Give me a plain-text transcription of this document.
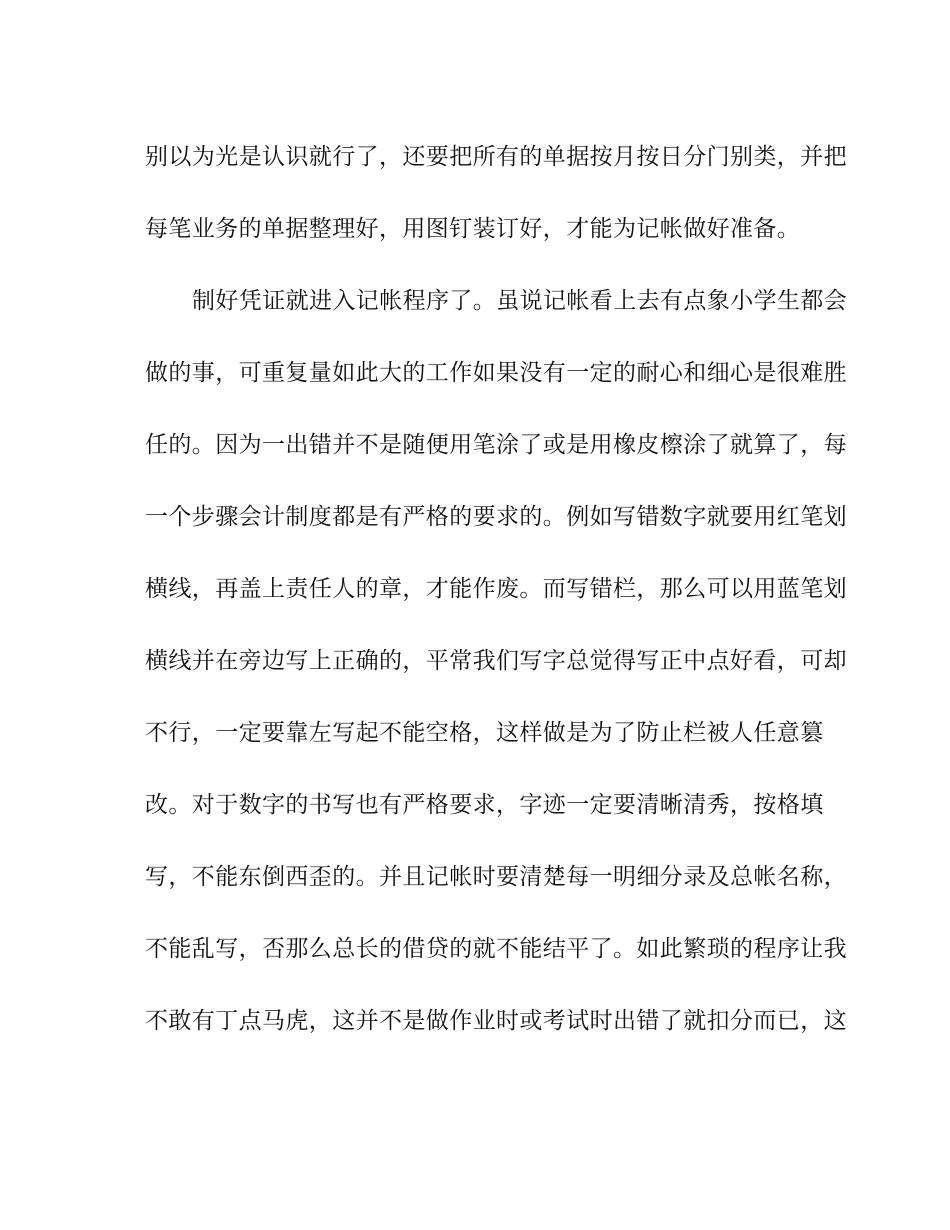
别以为光是认识就行了，还要把所有的单据按月按日分门别类，并把
每笔业务的单据整理好，用图钉装订好，才能为记帐做好准备。
制好凭证就进入记帐程序了。虽说记帐看上去有点象小学生都会
做的事，可重复量如此大的工作如果没有一定的耐心和细心是很难胜
任的。因为一出错并不是随便用笔涂了或是用橡皮檫涂了就算了，每
一个步骤会计制度都是有严格的要求的。例如写错数字就要用红笔划
横线，再盖上责任人的章，才能作废。而写错栏，那么可以用蓝笔划
横线并在旁边写上正确的，平常我们写字总觉得写正中点好看，可却
不行，一定要靠左写起不能空格，这样做是为了防止栏被人任意篡
改。对于数字的书写也有严格要求，字迹一定要清晰清秀，按格填
写，不能东倒西歪的。并且记帐时要清楚每一明细分录及总帐名称，
不能乱写，否那么总长的借贷的就不能结平了。如此繁琐的程序让我
不敢有丁点马虎，这并不是做作业时或考试时出错了就扣分而已，这
